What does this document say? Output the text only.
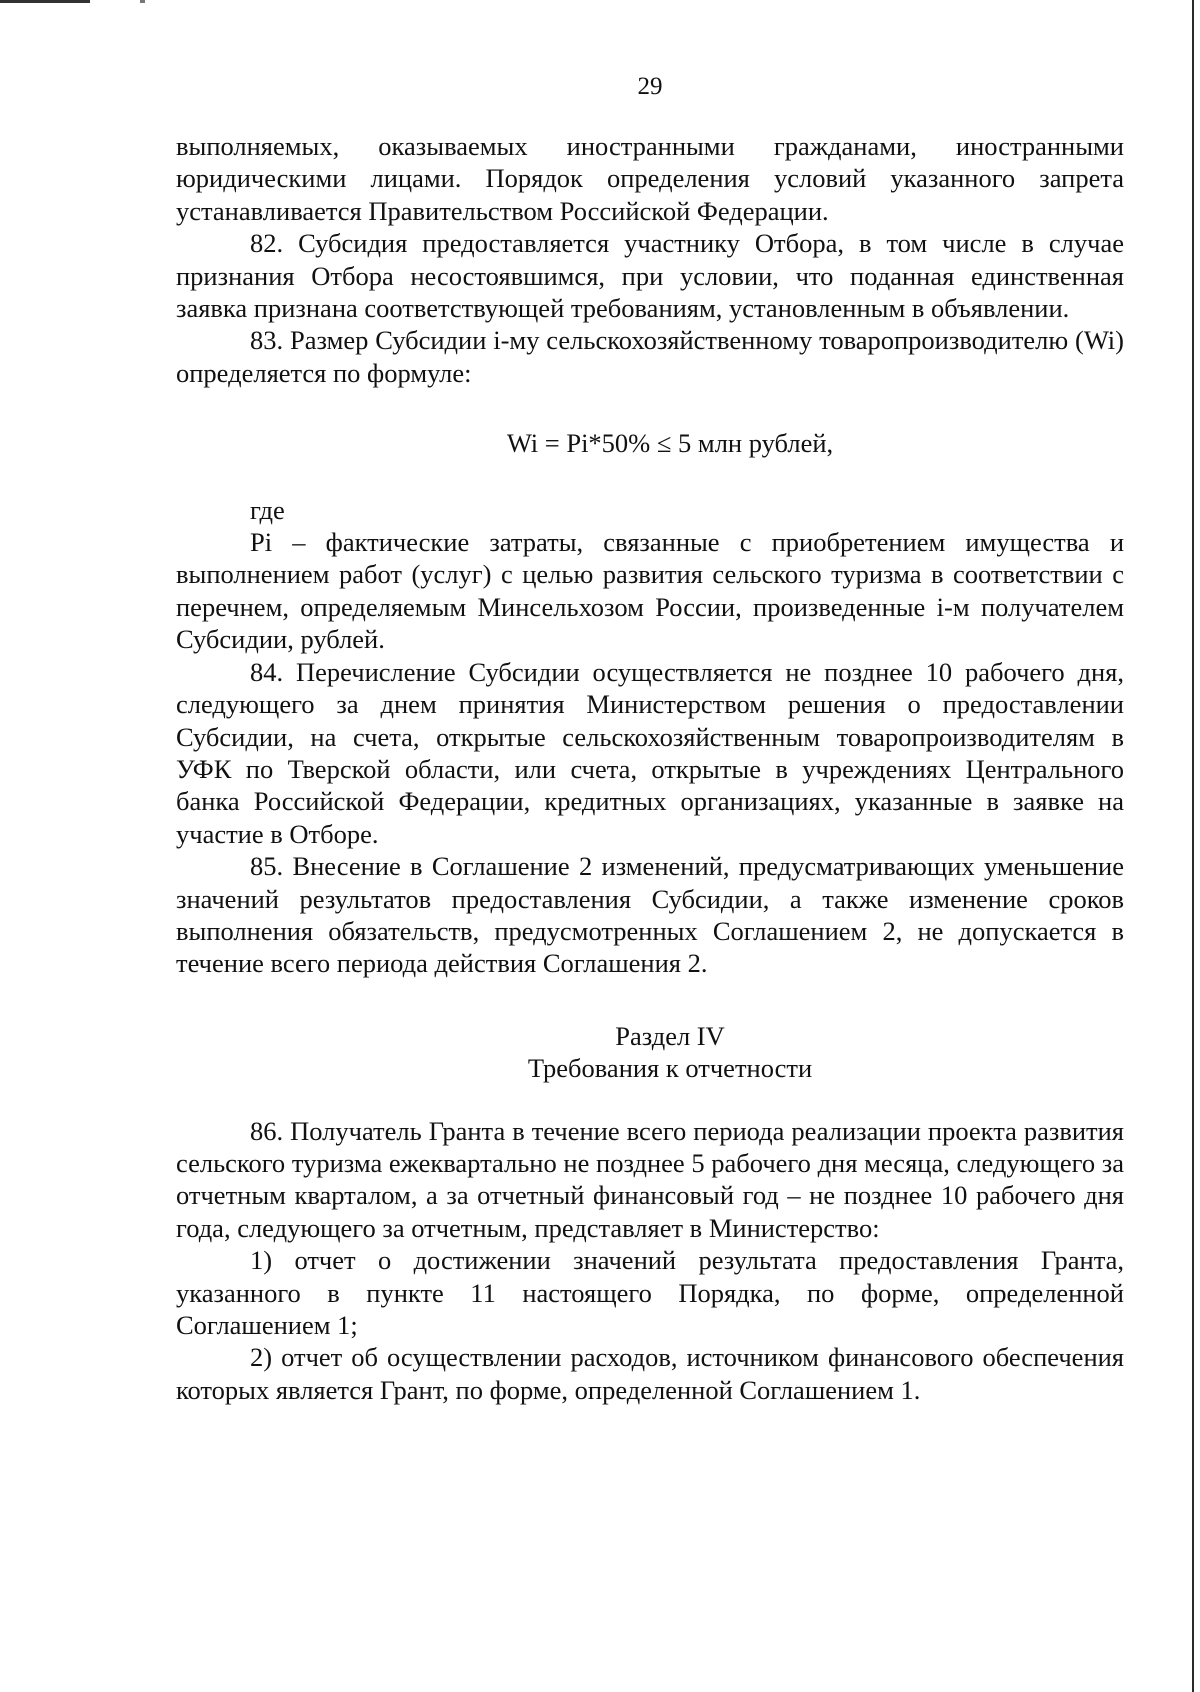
29

выполняемых, оказываемых иностранными гражданами, иностранными юридическими лицами. Порядок определения условий указанного запрета устанавливается Правительством Российской Федерации.

82. Субсидия предоставляется участнику Отбора, в том числе в случае признания Отбора несостоявшимся, при условии, что поданная единственная заявка признана соответствующей требованиям, установленным в объявлении.

83. Размер Субсидии i-му сельскохозяйственному товаропроизводителю (Wi) определяется по формуле:

Wi = Pi*50% ≤ 5 млн рублей,

где

Pi – фактические затраты, связанные с приобретением имущества и выполнением работ (услуг) с целью развития сельского туризма в соответствии с перечнем, определяемым Минсельхозом России, произведенные i-м получателем Субсидии, рублей.

84. Перечисление Субсидии осуществляется не позднее 10 рабочего дня, следующего за днем принятия Министерством решения о предоставлении Субсидии, на счета, открытые сельскохозяйственным товаропроизводителям в УФК по Тверской области, или счета, открытые в учреждениях Центрального банка Российской Федерации, кредитных организациях, указанные в заявке на участие в Отборе.

85. Внесение в Соглашение 2 изменений, предусматривающих уменьшение значений результатов предоставления Субсидии, а также изменение сроков выполнения обязательств, предусмотренных Соглашением 2, не допускается в течение всего периода действия Соглашения 2.

Раздел IV

Требования к отчетности

86. Получатель Гранта в течение всего периода реализации проекта развития сельского туризма ежеквартально не позднее 5 рабочего дня месяца, следующего за отчетным кварталом, а за отчетный финансовый год – не позднее 10 рабочего дня года, следующего за отчетным, представляет в Министерство:

1) отчет о достижении значений результата предоставления Гранта, указанного в пункте 11 настоящего Порядка, по форме, определенной Соглашением 1;

2) отчет об осуществлении расходов, источником финансового обеспечения которых является Грант, по форме, определенной Соглашением 1.
